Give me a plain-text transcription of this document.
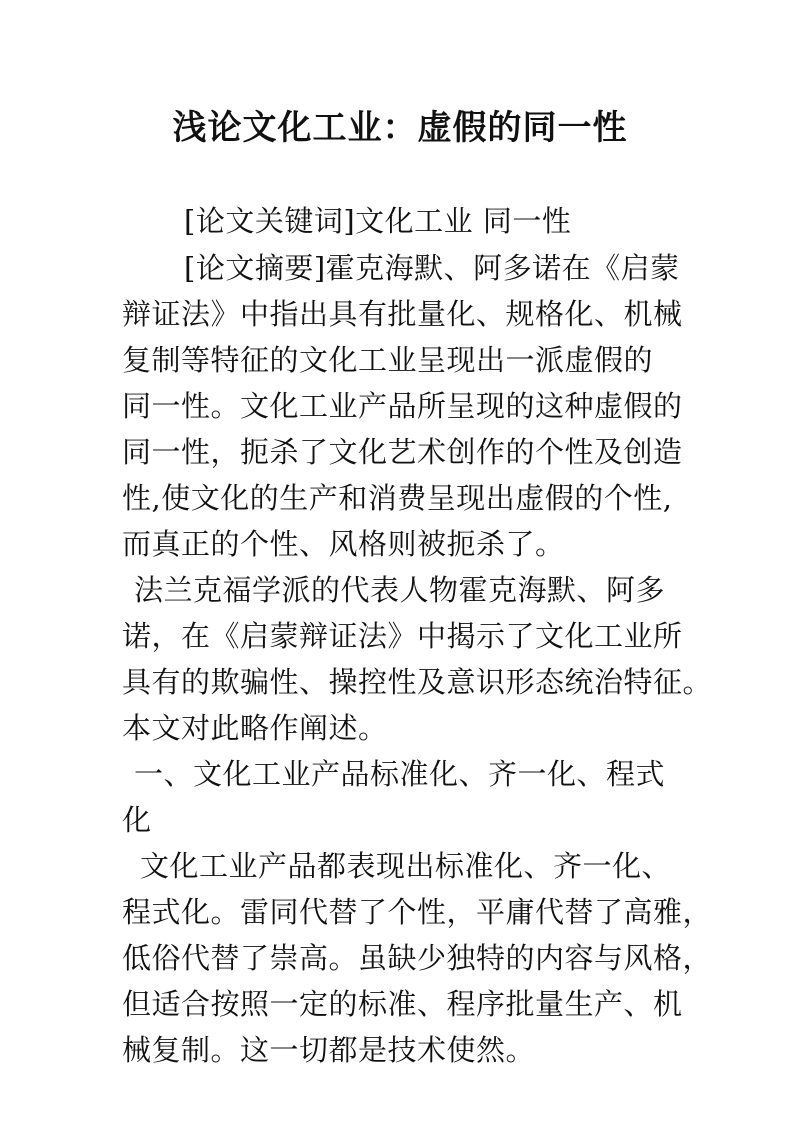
浅论文化工业：虚假的同一性

[论文关键词]文化工业 同一性

[论文摘要]霍克海默、阿多诺在《启蒙

辩证法》中指出具有批量化、规格化、机械

复制等特征的文化工业呈现出一派虚假的

同一性。文化工业产品所呈现的这种虚假的

同一性，扼杀了文化艺术创作的个性及创造

性,使文化的生产和消费呈现出虚假的个性,

而真正的个性、风格则被扼杀了。

法兰克福学派的代表人物霍克海默、阿多

诺，在《启蒙辩证法》中揭示了文化工业所

具有的欺骗性、操控性及意识形态统治特征。

本文对此略作阐述。

一、文化工业产品标准化、齐一化、程式

化

文化工业产品都表现出标准化、齐一化、

程式化。雷同代替了个性，平庸代替了高雅，

低俗代替了崇高。虽缺少独特的内容与风格，

但适合按照一定的标准、程序批量生产、机

械复制。这一切都是技术使然。
